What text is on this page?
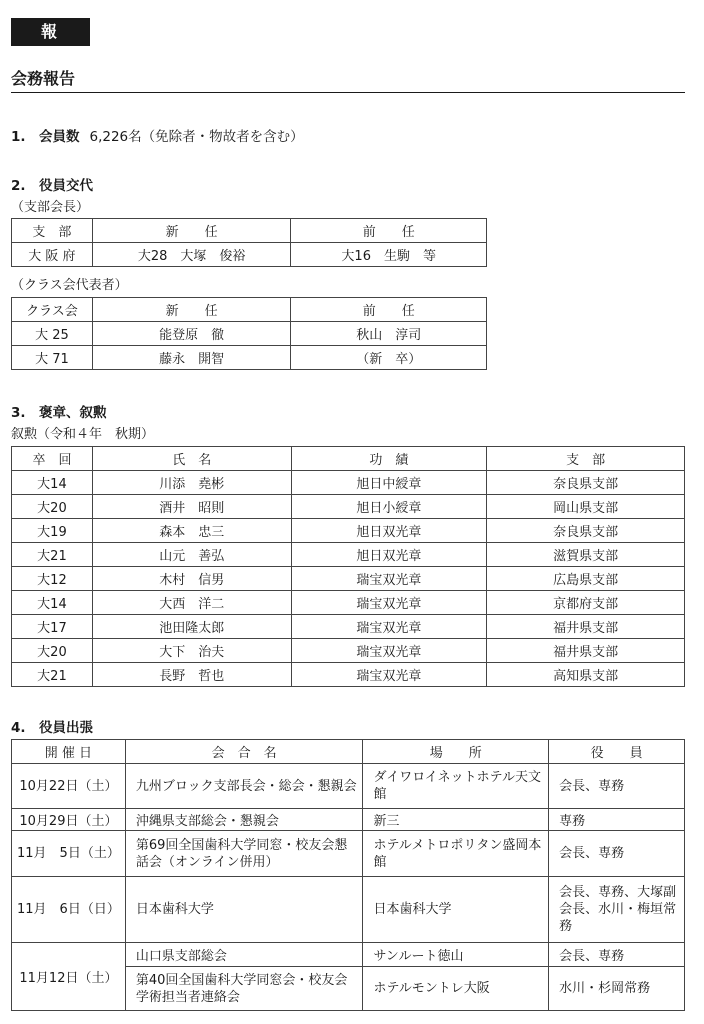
報　告
会務報告
1. 会員数 6,226名（免除者・物故者を含む）
2. 役員交代
（支部会長）
支　部	新　　任	前　　任
大 阪 府	大28　大塚　俊裕	大16　生駒　等
（クラス会代表者）
クラス会	新　　任	前　　任
大 25	能登原　徹	秋山　淳司
大 71	藤永　開智	（新　卒）
3. 褒章、叙勲
叙勲（令和４年　秋期）
卒　回	氏　名	功　績	支　部
大14	川添　堯彬	旭日中綬章	奈良県支部
大20	酒井　昭則	旭日小綬章	岡山県支部
大19	森本　忠三	旭日双光章	奈良県支部
大21	山元　善弘	旭日双光章	滋賀県支部
大12	木村　信男	瑞宝双光章	広島県支部
大14	大西　洋二	瑞宝双光章	京都府支部
大17	池田隆太郎	瑞宝双光章	福井県支部
大20	大下　治夫	瑞宝双光章	福井県支部
大21	長野　哲也	瑞宝双光章	高知県支部
4. 役員出張
開 催 日	会　合　名	場　　所	役　　員
10月22日（土）	九州ブロック支部長会・総会・懇親会	ダイワロイネットホテル天文館	会長、専務
10月29日（土）	沖縄県支部総会・懇親会	新三	専務
11月　5日（土）	第69回全国歯科大学同窓・校友会懇話会（オンライン併用）	ホテルメトロポリタン盛岡本館	会長、専務
11月　6日（日）	日本歯科大学	日本歯科大学	会長、専務、大塚副会長、水川・梅垣常務
11月12日（土）	山口県支部総会	サンルート徳山	会長、専務
	第40回全国歯科大学同窓会・校友会学術担当者連絡会	ホテルモントレ大阪	水川・杉岡常務
